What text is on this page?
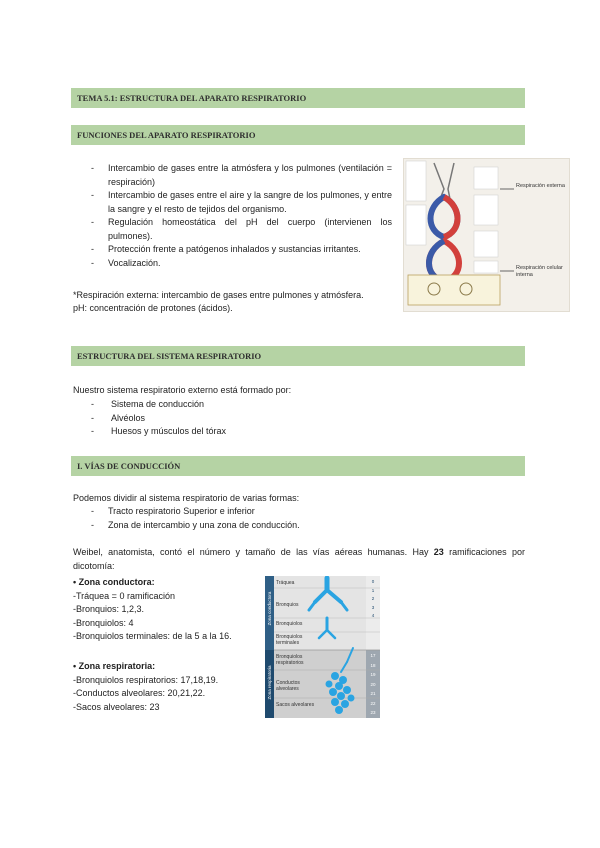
TEMA 5.1: ESTRUCTURA DEL APARATO RESPIRATORIO
FUNCIONES DEL APARATO RESPIRATORIO
- Intercambio de gases entre la atmósfera y los pulmones (ventilación = respiración)
- Intercambio de gases entre el aire y la sangre de los pulmones, y entre la sangre y el resto de tejidos del organismo.
- Regulación homeostática del pH del cuerpo (intervienen los pulmones).
- Protección frente a patógenos inhalados y sustancias irritantes.
- Vocalización.
*Respiración externa: intercambio de gases entre pulmones y atmósfera.
pH: concentración de protones (ácidos).
Respiración externa
Respiración celular interna
ESTRUCTURA DEL SISTEMA RESPIRATORIO
Nuestro sistema respiratorio externo está formado por:
- Sistema de conducción
- Alvéolos
- Huesos y músculos del tórax
I. VÍAS DE CONDUCCIÓN
Podemos dividir al sistema respiratorio de varias formas:
- Tracto respiratorio Superior e inferior
- Zona de intercambio y una zona de conducción.
Weibel, anatomista, contó el número y tamaño de las vías aéreas humanas. Hay 23 ramificaciones por dicotomía:
• Zona conductora:
-Tráquea = 0 ramificación
-Bronquios: 1,2,3.
-Bronquiolos: 4
-Bronquiolos terminales: de la 5 a la 16.
• Zona respiratoria:
-Bronquiolos respiratorios: 17,18,19.
-Conductos alveolares: 20,21,22.
-Sacos alveolares: 23
Zona conductora
Zona respiratoria
Tráquea
Bronquios
Bronquiolos
Bronquiolos terminales
Bronquiolos respiratorios
Conductos alveolares
Sacos alveolares
0
1
2
3
4
17
18
19
20
21
22
23
